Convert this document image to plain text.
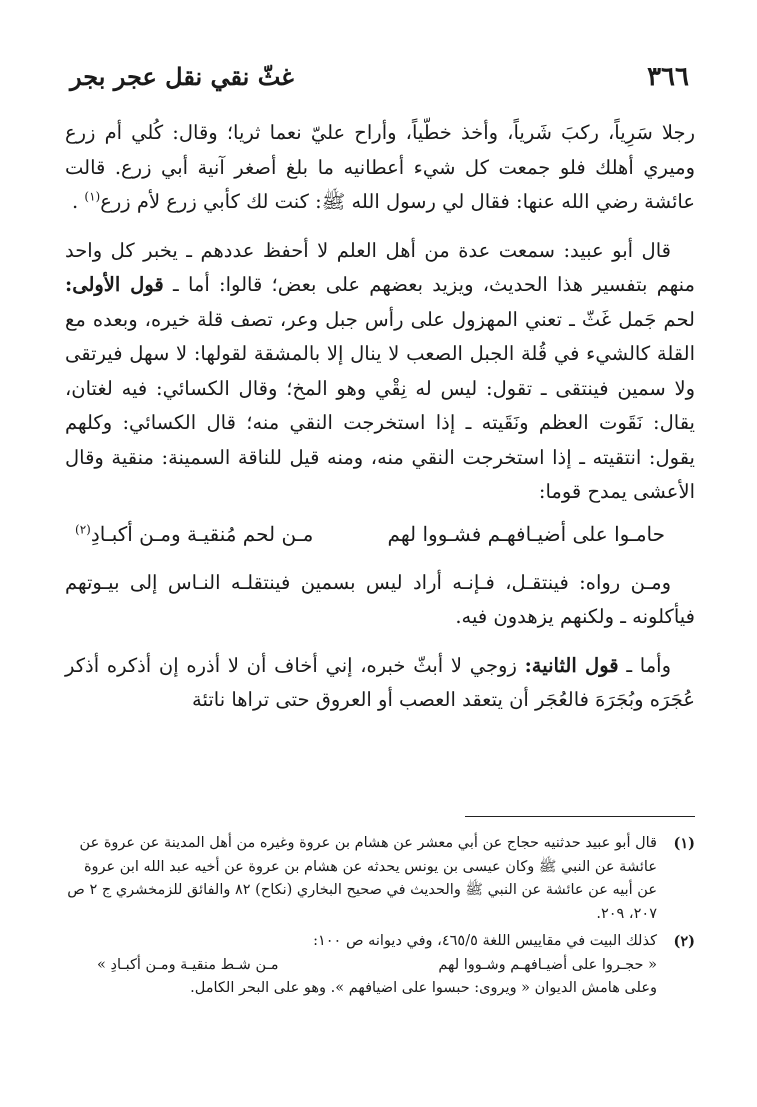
٣٦٦
غثّ نقي نقل عجر بجر

رجلا سَرِياً، ركبَ شَرياً، وأخذ خطّياً، وأراح عليّ نعما ثريا؛ وقال: كُلي أم زرع وميري أهلك فلو جمعت كل شيء أعطانيه ما بلغ أصغر آنية أبي زرع. قالت عائشة رضي الله عنها: فقال لي رسول الله ﷺ: كنت لك كأبي زرع لأم زرع$^{(١)}$ .

قال أبو عبيد: سمعت عدة من أهل العلم لا أحفظ عددهم ـ يخبر كل واحد منهم بتفسير هذا الحديث، ويزيد بعضهم على بعض؛ قالوا: أما ـ قول الأولى: لحم جَمل غَثّ ـ تعني المهزول على رأس جبل وعر، تصف قلة خيره، وبعده مع القلة كالشيء في قُلة الجبل الصعب لا ينال إلا بالمشقة لقولها: لا سهل فيرتقى ولا سمين فينتقى ـ تقول: ليس له نِقْي وهو المخ؛ وقال الكسائي: فيه لغتان، يقال: نَقَوت العظم ونَقَيته ـ إذا استخرجت النقي منه؛ قال الكسائي: وكلهم يقول: انتقيته ـ إذا استخرجت النقي منه، ومنه قيل للناقة السمينة: منقية وقال الأعشى يمدح قوما:

حامـوا على أضيـافهـم فشـووا لهم
مـن لحم مُنقيـة ومـن أكبـادِ$^{(٢)}$

ومـن رواه: فينتقـل، فـإنـه أراد ليس بسمين فينتقلـه النـاس إلى بيـوتهم فيأكلونه ـ ولكنهم يزهدون فيه.

وأما ـ قول الثانية: زوجي لا أبثّ خبره، إني أخاف أن لا أذره إن أذكره أذكر عُجَرَه وبُجَرَهَ فالعُجَر أن يتعقد العصب أو العروق حتى تراها ناتئة

(١)
قال أبو عبيد حدثنيه حجاج عن أبي معشر عن هشام بن عروة وغيره من أهل المدينة عن عروة عن عائشة عن النبي ﷺ وكان عيسى بن يونس يحدثه عن هشام بن عروة عن أخيه عبد الله ابن عروة عن أبيه عن عائشة عن النبي ﷺ والحديث في صحيح البخاري (نكاح) ٨٢ والفائق للزمخشري ج ٢ ص ٢٠٧، ٢٠٩.
(٢)
كذلك البيت في مقاييس اللغة ٤٦٥/٥، وفي ديوانه ص ١٠٠:
« حجـروا على أضيـافهـم وشـووا لهم
مـن شـط منقيـة ومـن أكبـادِ »
وعلى هامش الديوان « ويروى: حبسوا على اضيافهم ». وهو على البحر الكامل.
